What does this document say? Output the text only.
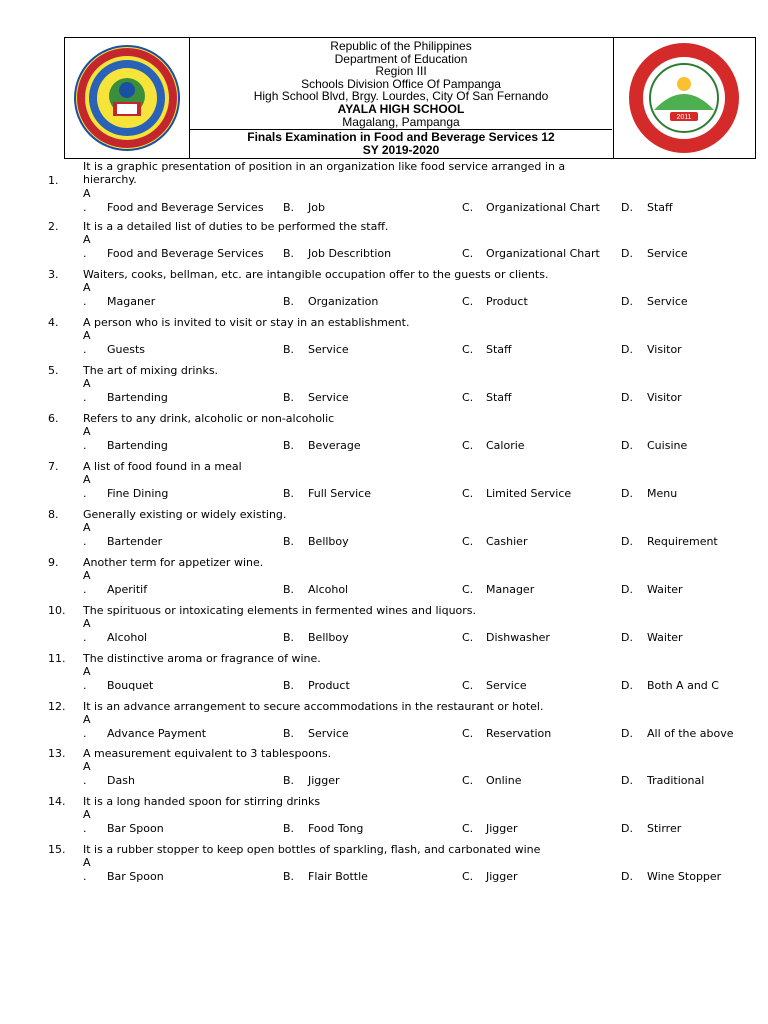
Republic of the Philippines
Department of Education
Region III
Schools Division Office Of Pampanga
High School Blvd, Brgy. Lourdes, City Of San Fernando
AYALA HIGH SCHOOL
Magalang, Pampanga
Finals Examination in Food and Beverage Services 12
SY 2019-2020
2011
1.
It is a graphic presentation of position in an organization like food service arranged in a hierarchy.
A
. Food and Beverage Services B. Job	C. Organizational Chart D. Staff
2.	It is a a detailed list of duties to be performed the staff.
A
. Food and Beverage Services B. Job Describtion	C. Organizational Chart D. Service
3.	Waiters, cooks, bellman, etc. are intangible occupation offer to the guests or clients.
A
. Maganer	B. Organization	C. Product	D. Service
4.	A person who is invited to visit or stay in an establishment.
A
. Guests	B. Service	C. Staff	D. Visitor
5.	The art of mixing drinks.
A
. Bartending	B. Service	C. Staff	D. Visitor
6.	Refers to any drink, alcoholic or non-alcoholic
A
. Bartending	B. Beverage	C. Calorie	D. Cuisine
7.	A list of food found in a meal
A
. Fine Dining	B. Full Service	C. Limited Service	D. Menu
8.	Generally existing or widely existing.
A
. Bartender	B. Bellboy	C. Cashier	D. Requirement
9.	Another term for appetizer wine.
A
. Aperitif	B. Alcohol	C. Manager	D. Waiter
10.	The spirituous or intoxicating elements in fermented wines and liquors.
A
. Alcohol	B. Bellboy	C. Dishwasher	D. Waiter
11.	The distinctive aroma or fragrance of wine.
A
. Bouquet	B. Product	C. Service	D. Both A and C
12.	It is an advance arrangement to secure accommodations in the restaurant or hotel.
A
. Advance Payment	B. Service	C. Reservation	D. All of the above
13.	A measurement equivalent to 3 tablespoons.
A
. Dash	B. Jigger	C. Online	D. Traditional
14.	It is a long handed spoon for stirring drinks
A
. Bar Spoon	B. Food Tong	C. Jigger	D. Stirrer
15.	It is a rubber stopper to keep open bottles of sparkling, flash, and carbonated wine
A
. Bar Spoon	B. Flair Bottle	C. Jigger	D. Wine Stopper
